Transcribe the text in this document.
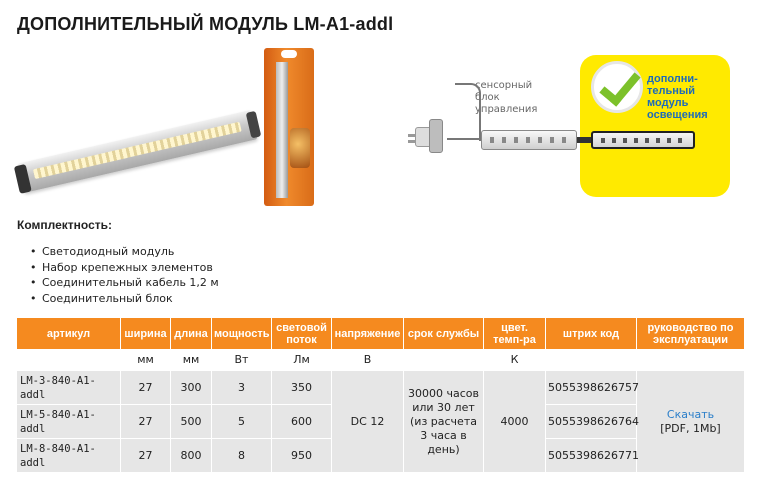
ДОПОЛНИТЕЛЬНЫЙ МОДУЛЬ LM-A1-addl
дополни-тельный модуль освещения
сенсорный блок управления
Комплектность:
• Светодиодный модуль
• Набор крепежных элементов
• Соединительный кабель 1,2 м
• Соединительный блок
артикул	ширина	длина	мощность	световой поток	напряжение	срок службы	цвет. темп-ра	штрих код	руководство по эксплуатации
	мм	мм	Вт	Лм	В		К		
LM-3-840-A1-addl	27	300	3	350	DC 12	30000 часов или 30 лет (из расчета 3 часа в день)	4000	5055398626757	Скачать
[PDF, 1Mb]

LM-5-840-A1-addl	27	500	5	600				5055398626764	
LM-8-840-A1-addl	27	800	8	950				5055398626771	
